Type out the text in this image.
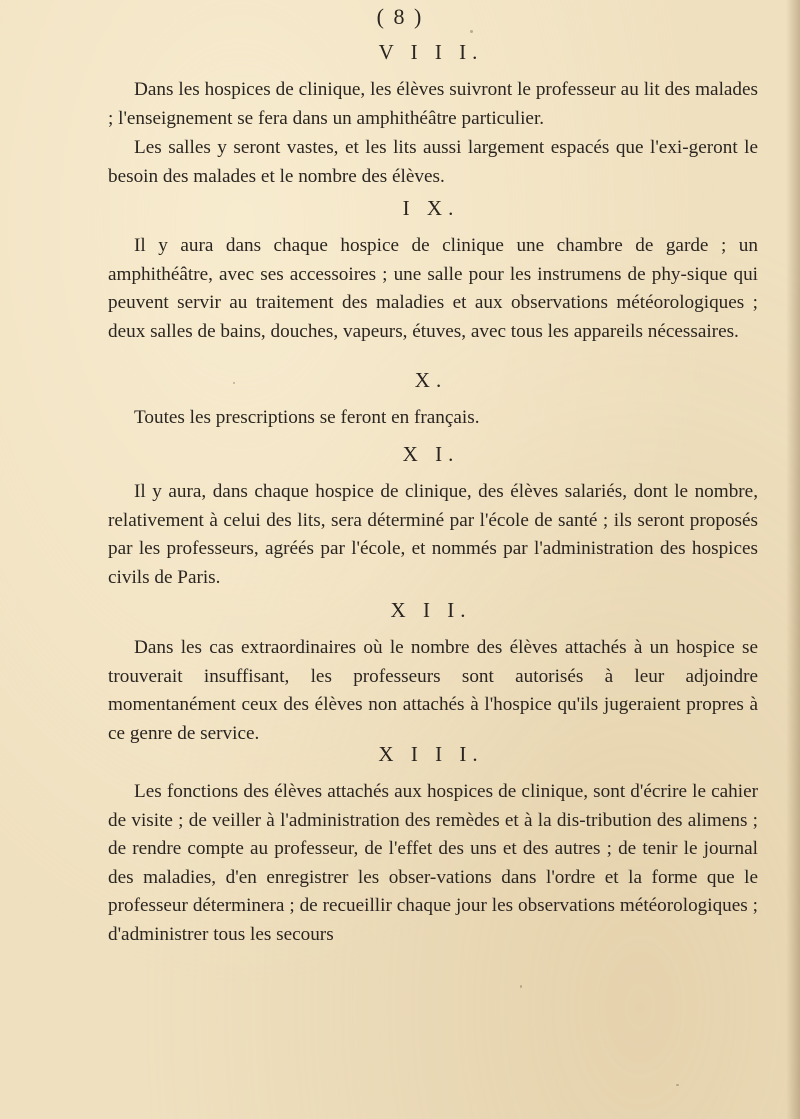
( 8 )
V I I I.

Dans les hospices de clinique, les élèves suivront le professeur au lit des malades ; l'enseignement se fera dans un amphithéâtre particulier.

Les salles y seront vastes, et les lits aussi largement espacés que l'exi-geront le besoin des malades et le nombre des élèves.

I X.

Il y aura dans chaque hospice de clinique une chambre de garde ; un amphithéâtre, avec ses accessoires ; une salle pour les instrumens de phy-sique qui peuvent servir au traitement des maladies et aux observations météorologiques ; deux salles de bains, douches, vapeurs, étuves, avec tous les appareils nécessaires.

X.

Toutes les prescriptions se feront en français.

X I.

Il y aura, dans chaque hospice de clinique, des élèves salariés, dont le nombre, relativement à celui des lits, sera déterminé par l'école de santé ; ils seront proposés par les professeurs, agréés par l'école, et nommés par l'administration des hospices civils de Paris.

X I I.

Dans les cas extraordinaires où le nombre des élèves attachés à un hospice se trouverait insuffisant, les professeurs sont autorisés à leur adjoindre momentanément ceux des élèves non attachés à l'hospice qu'ils jugeraient propres à ce genre de service.

X I I I.

Les fonctions des élèves attachés aux hospices de clinique, sont d'écrire le cahier de visite ; de veiller à l'administration des remèdes et à la dis-tribution des alimens ; de rendre compte au professeur, de l'effet des uns et des autres ; de tenir le journal des maladies, d'en enregistrer les obser-vations dans l'ordre et la forme que le professeur déterminera ; de recueillir chaque jour les observations météorologiques ; d'administrer tous les secours
